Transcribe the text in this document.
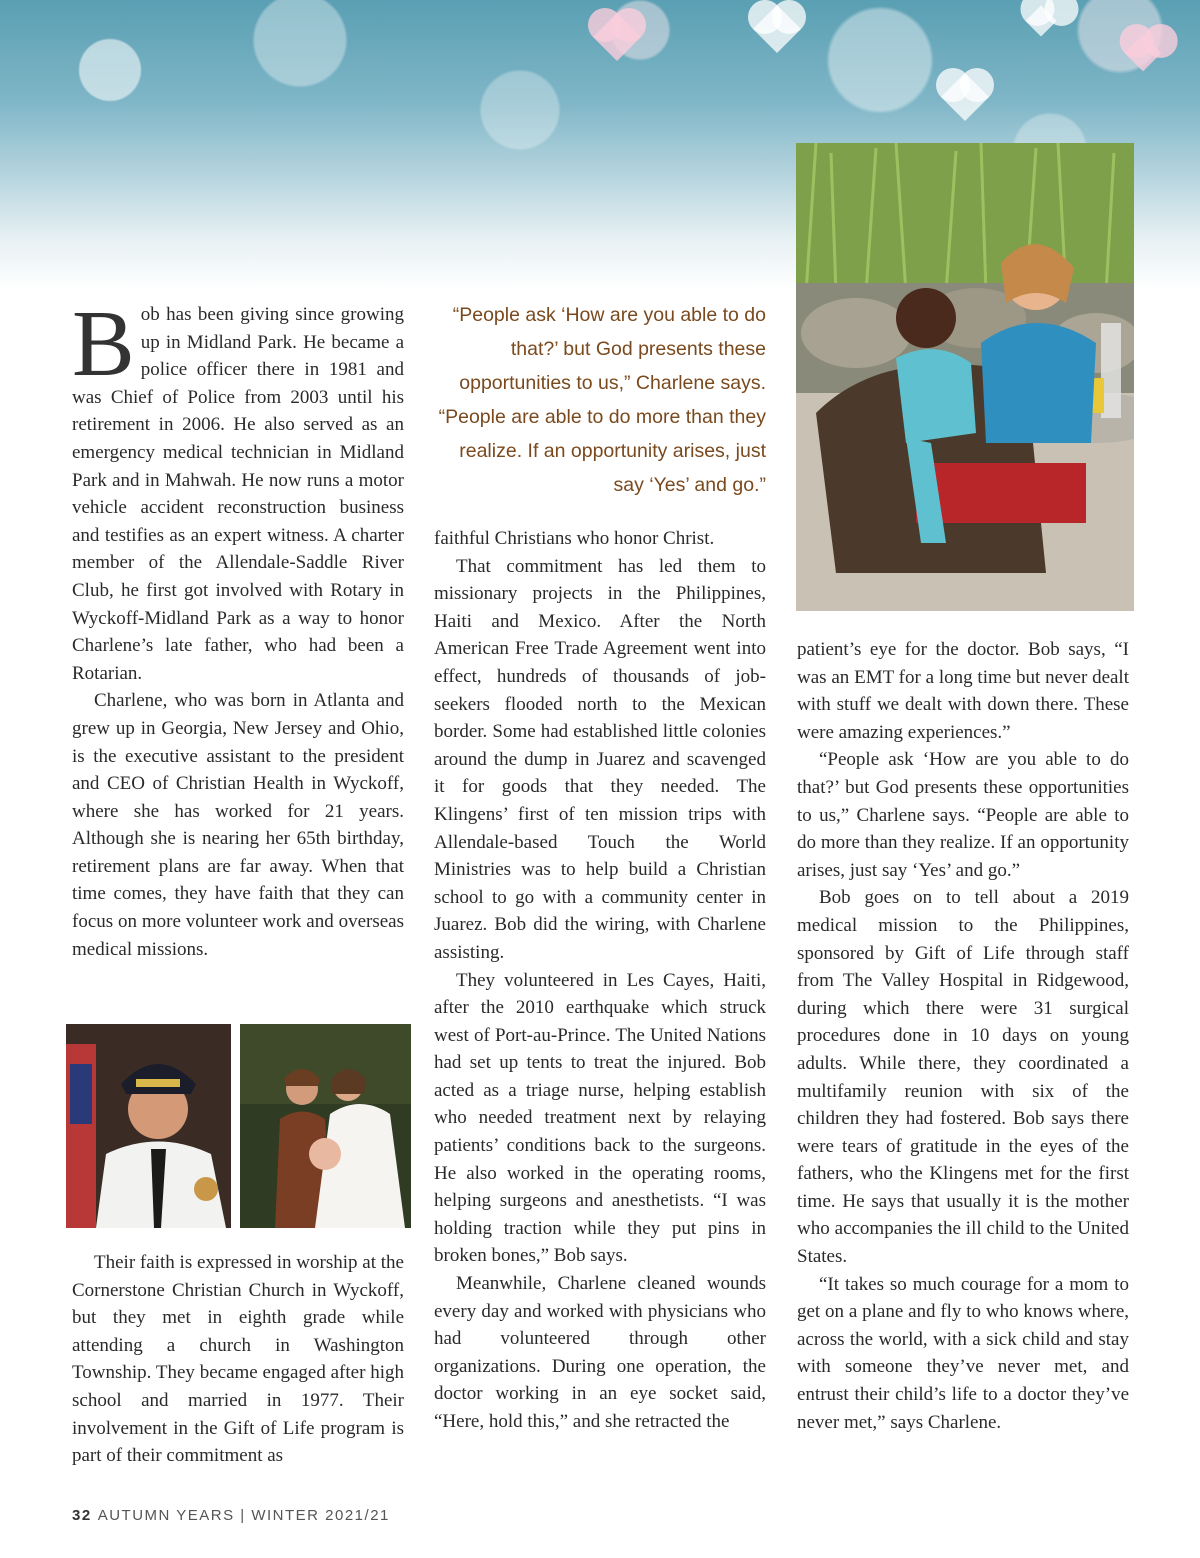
Bob has been giving since growing up in Midland Park. He became a police officer there in 1981 and was Chief of Police from 2003 until his retirement in 2006. He also served as an emergency medical technician in Midland Park and in Mahwah. He now runs a motor vehicle accident reconstruction business and testifies as an expert witness. A charter member of the Allendale-Saddle River Club, he first got involved with Rotary in Wyckoff-Midland Park as a way to honor Charlene’s late father, who had been a Rotarian.

Charlene, who was born in Atlanta and grew up in Georgia, New Jersey and Ohio, is the executive assistant to the president and CEO of Christian Health in Wyckoff, where she has worked for 21 years. Although she is nearing her 65th birthday, retirement plans are far away. When that time comes, they have faith that they can focus on more volunteer work and overseas medical missions.

Their faith is expressed in worship at the Cornerstone Christian Church in Wyckoff, but they met in eighth grade while attending a church in Washington Township. They became engaged after high school and married in 1977. Their involvement in the Gift of Life program is part of their commitment as

“People ask ‘How are you able to do that?’ but God presents these opportunities to us,” Charlene says. “People are able to do more than they realize. If an opportunity arises, just say ‘Yes’ and go.”

faithful Christians who honor Christ.

That commitment has led them to missionary projects in the Philippines, Haiti and Mexico. After the North American Free Trade Agreement went into effect, hundreds of thousands of job-seekers flooded north to the Mexican border. Some had established little colonies around the dump in Juarez and scavenged it for goods that they needed. The Klingens’ first of ten mission trips with Allendale-based Touch the World Ministries was to help build a Christian school to go with a community center in Juarez. Bob did the wiring, with Charlene assisting.

They volunteered in Les Cayes, Haiti, after the 2010 earthquake which struck west of Port-au-Prince. The United Nations had set up tents to treat the injured. Bob acted as a triage nurse, helping establish who needed treatment next by relaying patients’ conditions back to the surgeons. He also worked in the operating rooms, helping surgeons and anesthetists. “I was holding traction while they put pins in broken bones,” Bob says.

Meanwhile, Charlene cleaned wounds every day and worked with physicians who had volunteered through other organizations. During one operation, the doctor working in an eye socket said, “Here, hold this,” and she retracted the

patient’s eye for the doctor. Bob says, “I was an EMT for a long time but never dealt with stuff we dealt with down there. These were amazing experiences.”

“People ask ‘How are you able to do that?’ but God presents these opportunities to us,” Charlene says. “People are able to do more than they realize. If an opportunity arises, just say ‘Yes’ and go.”

Bob goes on to tell about a 2019 medical mission to the Philippines, sponsored by Gift of Life through staff from The Valley Hospital in Ridgewood, during which there were 31 surgical procedures done in 10 days on young adults. While there, they coordinated a multifamily reunion with six of the children they had fostered. Bob says there were tears of gratitude in the eyes of the fathers, who the Klingens met for the first time. He says that usually it is the mother who accompanies the ill child to the United States.

“It takes so much courage for a mom to get on a plane and fly to who knows where, across the world, with a sick child and stay with someone they’ve never met, and entrust their child’s life to a doctor they’ve never met,” says Charlene.

32 AUTUMN YEARS | WINTER 2021/21
